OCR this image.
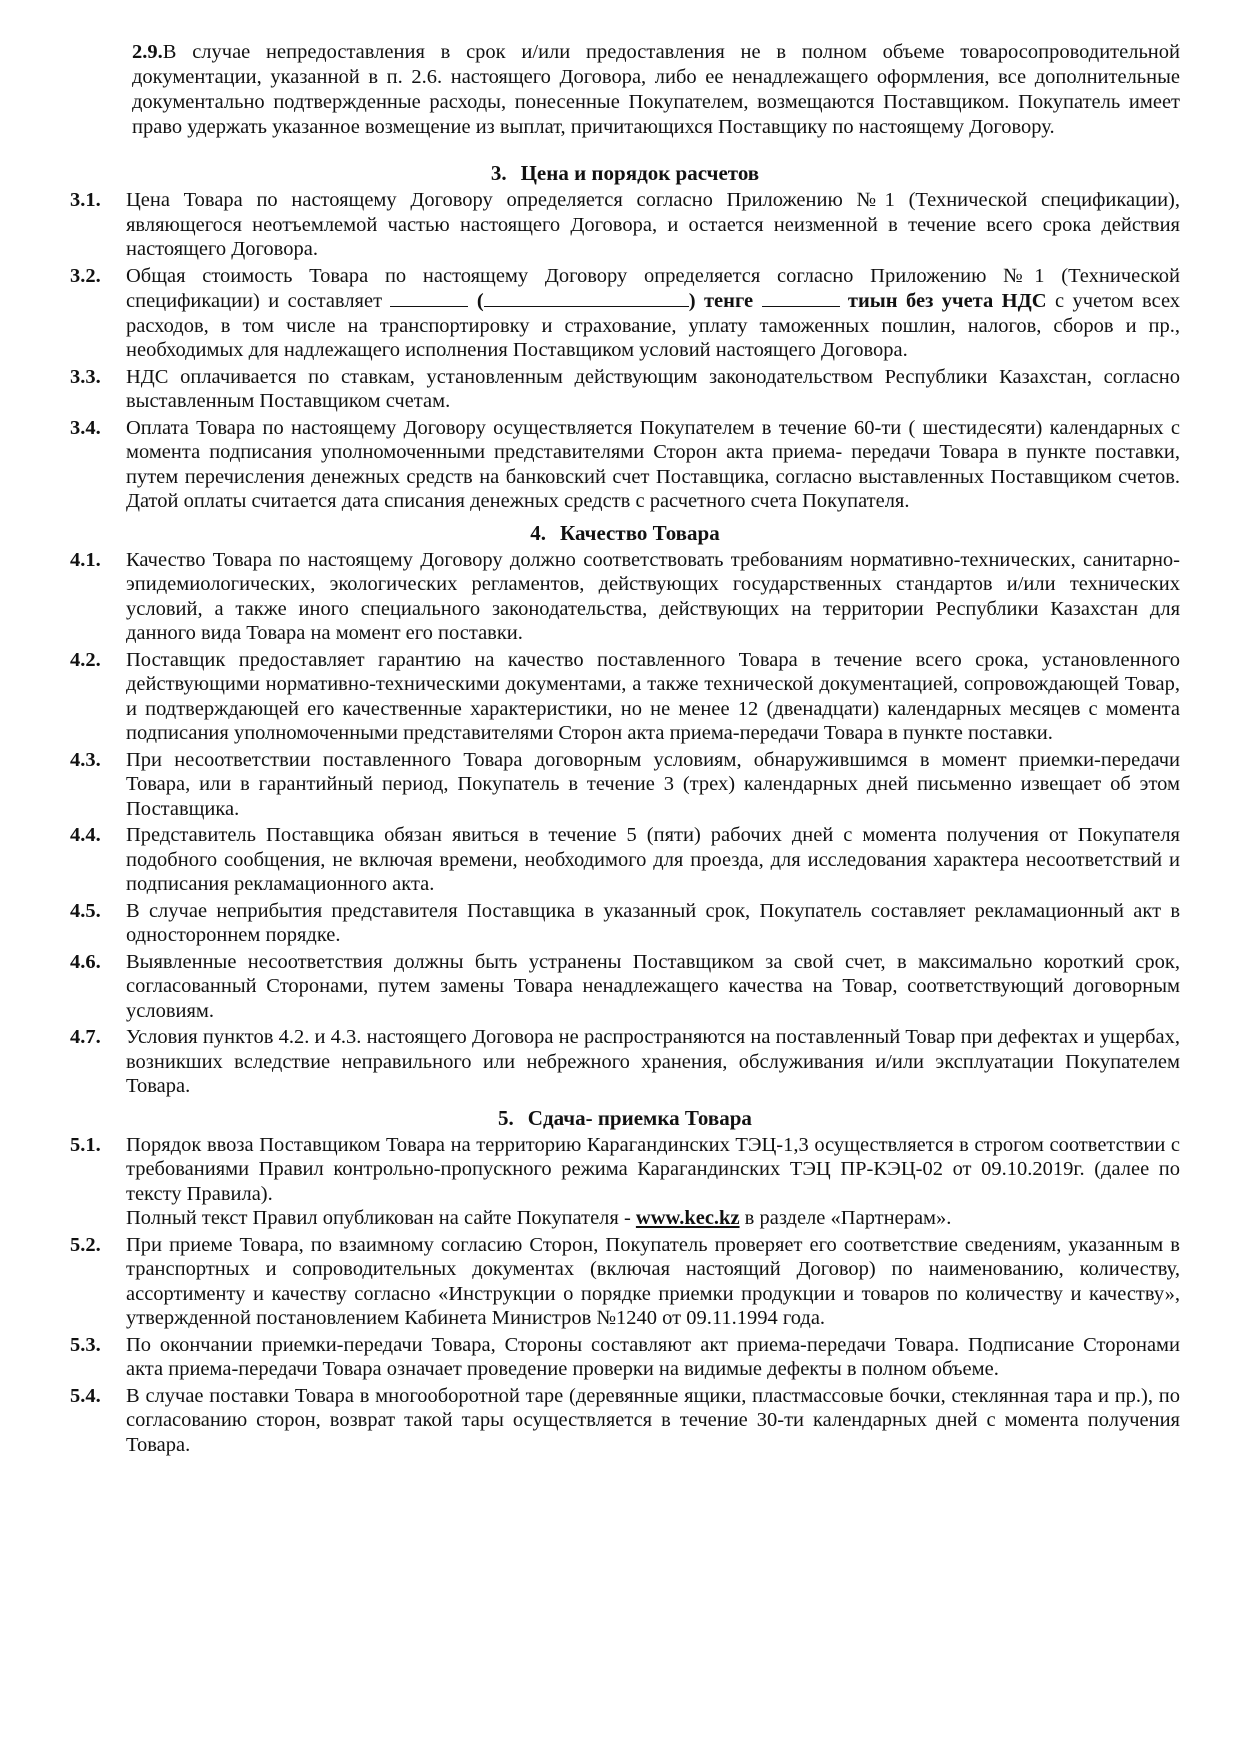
2.9.В случае непредоставления в срок и/или предоставления не в полном объеме товаросопроводительной документации, указанной в п. 2.6. настоящего Договора, либо ее ненадлежащего оформления, все дополнительные документально подтвержденные расходы, понесенные Покупателем, возмещаются Поставщиком. Покупатель имеет право удержать указанное возмещение из выплат, причитающихся Поставщику по настоящему Договору.

3. Цена и порядок расчетов
3.1.	Цена Товара по настоящему Договору определяется согласно Приложению №1 (Технической спецификации), являющегося неотъемлемой частью настоящего Договора, и остается неизменной в течение всего срока действия настоящего Договора.
3.2.	Общая стоимость Товара по настоящему Договору определяется согласно Приложению №1 (Технической спецификации) и составляет	(	) тенге	тиын без учета НДС с учетом всех расходов, в том числе на транспортировку и страхование, уплату таможенных пошлин, налогов, сборов и пр., необходимых для надлежащего исполнения Поставщиком условий настоящего Договора.
3.3.	НДС оплачивается по ставкам, установленным действующим законодательством Республики Казахстан, согласно выставленным Поставщиком счетам.
3.4.	Оплата Товара по настоящему Договору осуществляется Покупателем в течение 60-ти ( шестидесяти) календарных с момента подписания уполномоченными представителями Сторон акта приема- передачи Товара в пункте поставки, путем перечисления денежных средств на банковский счет Поставщика, согласно выставленных Поставщиком счетов. Датой оплаты считается дата списания денежных средств с расчетного счета Покупателя.
4. Качество Товара
4.1.	Качество Товара по настоящему Договору должно соответствовать требованиям нормативно-технических, санитарно-эпидемиологических, экологических регламентов, действующих государственных стандартов и/или технических условий, а также иного специального законодательства, действующих на территории Республики Казахстан для данного вида Товара на момент его поставки.
4.2.	Поставщик предоставляет гарантию на качество поставленного Товара в течение всего срока, установленного действующими нормативно-техническими документами, а также технической документацией, сопровождающей Товар, и подтверждающей его качественные характеристики, но не менее 12 (двенадцати) календарных месяцев с момента подписания уполномоченными представителями Сторон акта приема-передачи Товара в пункте поставки.
4.3.	При несоответствии поставленного Товара договорным условиям, обнаружившимся в момент приемки-передачи Товара, или в гарантийный период, Покупатель в течение 3 (трех) календарных дней письменно извещает об этом Поставщика.
4.4.	Представитель Поставщика обязан явиться в течение 5 (пяти) рабочих дней с момента получения от Покупателя подобного сообщения, не включая времени, необходимого для проезда, для исследования характера несоответствий и подписания рекламационного акта.
4.5.	В случае неприбытия представителя Поставщика в указанный срок, Покупатель составляет рекламационный акт в одностороннем порядке.
4.6.	Выявленные несоответствия должны быть устранены Поставщиком за свой счет, в максимально короткий срок, согласованный Сторонами, путем замены Товара ненадлежащего качества на Товар, соответствующий договорным условиям.
4.7.	Условия пунктов 4.2. и 4.3. настоящего Договора не распространяются на поставленный Товар при дефектах и ущербах, возникших вследствие неправильного или небрежного хранения, обслуживания и/или эксплуатации Покупателем Товара.
5. Сдача- приемка Товара
5.1.	Порядок ввоза Поставщиком Товара на территорию Карагандинских ТЭЦ-1,3 осуществляется в строгом соответствии с требованиями Правил контрольно-пропускного режима Карагандинских ТЭЦ ПР-КЭЦ-02 от 09.10.2019г. (далее по тексту Правила).
Полный текст Правил опубликован на сайте Покупателя - www.kec.kz в разделе «Партнерам».
5.2.	При приеме Товара, по взаимному согласию Сторон, Покупатель проверяет его соответствие сведениям, указанным в транспортных и сопроводительных документах (включая настоящий Договор) по наименованию, количеству, ассортименту и качеству согласно «Инструкции о порядке приемки продукции и товаров по количеству и качеству», утвержденной постановлением Кабинета Министров №1240 от 09.11.1994 года.
5.3.	По окончании приемки-передачи Товара, Стороны составляют акт приема-передачи Товара. Подписание Сторонами акта приема-передачи Товара означает проведение проверки на видимые дефекты в полном объеме.
5.4.	В случае поставки Товара в многооборотной таре (деревянные ящики, пластмассовые бочки, стеклянная тара и пр.), по согласованию сторон, возврат такой тары осуществляется в течение 30-ти календарных дней с момента получения Товара.
